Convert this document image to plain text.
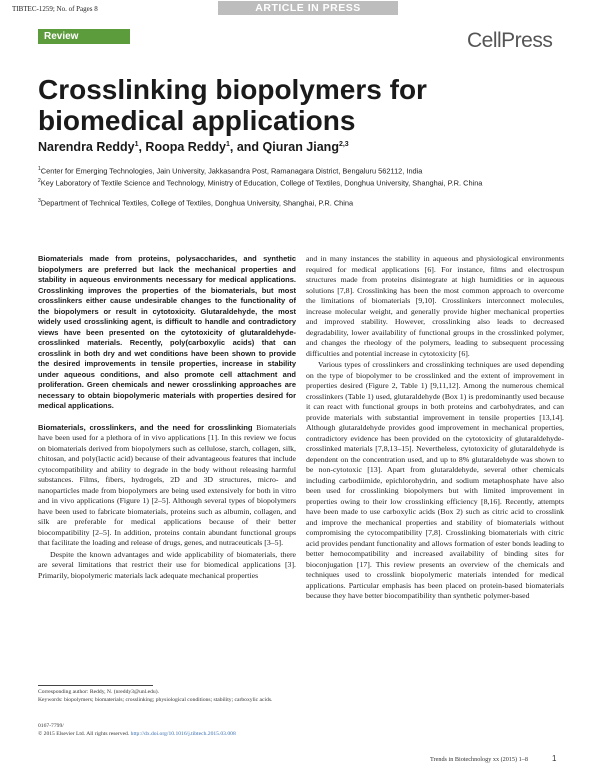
TIBTEC-1259; No. of Pages 8	ARTICLE IN PRESS
Review	CellPress
Crosslinking biopolymers for biomedical applications
Narendra Reddy$^1$, Roopa Reddy$^1$, and Qiuran Jiang$^{2,3}$
$^1$Center for Emerging Technologies, Jain University, Jakkasandra Post, Ramanagara District, Bengaluru 562112, India
$^2$Key Laboratory of Textile Science and Technology, Ministry of Education, College of Textiles, Donghua University, Shanghai, P.R. China
$^3$Department of Technical Textiles, College of Textiles, Donghua University, Shanghai, P.R. China

Biomaterials made from proteins, polysaccharides, and synthetic biopolymers are preferred but lack the mechanical properties and stability in aqueous environments necessary for medical applications. Crosslinking improves the properties of the biomaterials, but most crosslinkers either cause undesirable changes to the functionality of the biopolymers or result in cytotoxicity. Glutaraldehyde, the most widely used crosslinking agent, is difficult to handle and contradictory views have been presented on the cytotoxicity of glutaraldehyde-crosslinked materials. Recently, poly(carboxylic acids) that can crosslink in both dry and wet conditions have been shown to provide the desired improvements in tensile properties, increase in stability under aqueous conditions, and also promote cell attachment and proliferation. Green chemicals and newer crosslinking approaches are necessary to obtain biopolymeric materials with properties desired for medical applications.

Biomaterials, crosslinkers, and the need for crosslinking Biomaterials have been used for a plethora of in vivo applications [1]. In this review we focus on biomaterials derived from biopolymers such as cellulose, starch, collagen, silk, chitosan, and poly(lactic acid) because of their advantageous features that include cytocompatibility and ability to degrade in the body without releasing harmful substances. Films, fibers, hydrogels, 2D and 3D structures, micro- and nanoparticles made from biopolymers are being used extensively for both in vitro and in vivo applications (Figure 1) [2–5]. Although several types of biopolymers have been used to fabricate biomaterials, proteins such as albumin, collagen, and silk are preferable for medical applications because of their better biocompatibility [2–5]. In addition, proteins contain abundant functional groups that facilitate the loading and release of drugs, genes, and nutraceuticals [3–5].

Despite the known advantages and wide applicability of biomaterials, there are several limitations that restrict their use for biomedical applications [3]. Primarily, biopolymeric materials lack adequate mechanical properties

and in many instances the stability in aqueous and physiological environments required for medical applications [6]. For instance, films and electrospun structures made from proteins disintegrate at high humidities or in aqueous solutions [7,8]. Crosslinking has been the most common approach to overcome the limitations of biomaterials [9,10]. Crosslinkers interconnect molecules, increase molecular weight, and generally provide higher mechanical properties and improved stability. However, crosslinking also leads to decreased degradability, lower availability of functional groups in the crosslinked polymer, and changes the rheology of the polymers, leading to subsequent processing difficulties and potential increase in cytotoxicity [6].

Various types of crosslinkers and crosslinking techniques are used depending on the type of biopolymer to be crosslinked and the extent of improvement in properties desired (Figure 2, Table 1) [9,11,12]. Among the numerous chemical crosslinkers (Table 1) used, glutaraldehyde (Box 1) is predominantly used because it can react with functional groups in both proteins and carbohydrates, and can provide materials with substantial improvement in tensile properties [13,14]. Although glutaraldehyde provides good improvement in mechanical properties, contradictory evidence has been provided on the cytotoxicity of glutaraldehyde-crosslinked materials [7,8,13–15]. Nevertheless, cytotoxicity of glutaraldehyde is dependent on the concentration used, and up to 8% glutaraldehyde was shown to be non-cytotoxic [13]. Apart from glutaraldehyde, several other chemicals including carbodiimide, epichlorohydrin, and sodium metaphosphate have also been used for crosslinking biopolymers but with limited improvement in properties owing to their low crosslinking efficiency [8,16]. Recently, attempts have been made to use carboxylic acids (Box 2) such as citric acid to crosslink and improve the mechanical properties and stability of biomaterials without compromising the cytocompatibility [7,8]. Crosslinking biomaterials with citric acid provides pendant functionality and allows formation of ester bonds leading to better hemocompatibility and increased availability of binding sites for bioconjugation [17]. This review presents an overview of the chemicals and techniques used to crosslink biopolymeric materials intended for medical applications. Particular emphasis has been placed on protein-based biomaterials because they have better biocompatibility than synthetic polymer-based

Corresponding author: Reddy, N. (nreddy3@unl.edu).
Keywords: biopolymers; biomaterials; crosslinking; physiological conditions; stability; carboxylic acids.
0167-7799/
© 2015 Elsevier Ltd. All rights reserved. http://dx.doi.org/10.1016/j.tibtech.2015.03.008
Trends in Biotechnology xx (2015) 1–8	1
